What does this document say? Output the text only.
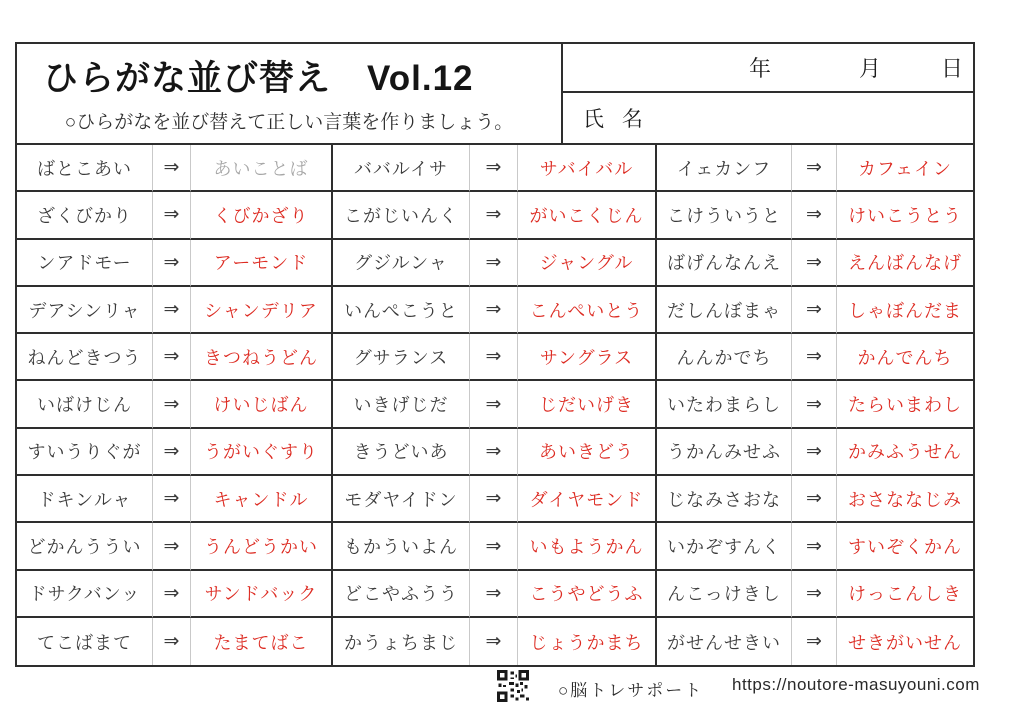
ひらがな並び替え　Vol.12
○ひらがなを並び替えて正しい言葉を作りましょう。
年	月	日
氏 名
ばとこあい	⇒	あいことば	ババルイサ	⇒	サバイバル	イェカンフ	⇒	カフェイン
ざくびかり	⇒	くびかざり	こがじいんく	⇒	がいこくじん	こけういうと	⇒	けいこうとう
ンアドモー	⇒	アーモンド	グジルンャ	⇒	ジャングル	ばげんなんえ	⇒	えんばんなげ
デアシンリャ	⇒	シャンデリア	いんぺこうと	⇒	こんぺいとう	だしんぼまゃ	⇒	しゃぼんだま
ねんどきつう	⇒	きつねうどん	グサランス	⇒	サングラス	んんかでち	⇒	かんでんち
いばけじん	⇒	けいじばん	いきげじだ	⇒	じだいげき	いたわまらし	⇒	たらいまわし
すいうりぐが	⇒	うがいぐすり	きうどいあ	⇒	あいきどう	うかんみせふ	⇒	かみふうせん
ドキンルャ	⇒	キャンドル	モダヤイドン	⇒	ダイヤモンド	じなみさおな	⇒	おさななじみ
どかんううい	⇒	うんどうかい	もかういよん	⇒	いもようかん	いかぞすんく	⇒	すいぞくかん
ドサクバンッ	⇒	サンドバック	どこやふうう	⇒	こうやどうふ	んこっけきし	⇒	けっこんしき
てこばまて	⇒	たまてばこ	かうょちまじ	⇒	じょうかまち	がせんせきい	⇒	せきがいせん
○脳トレサポート https://noutore-masuyouni.com
